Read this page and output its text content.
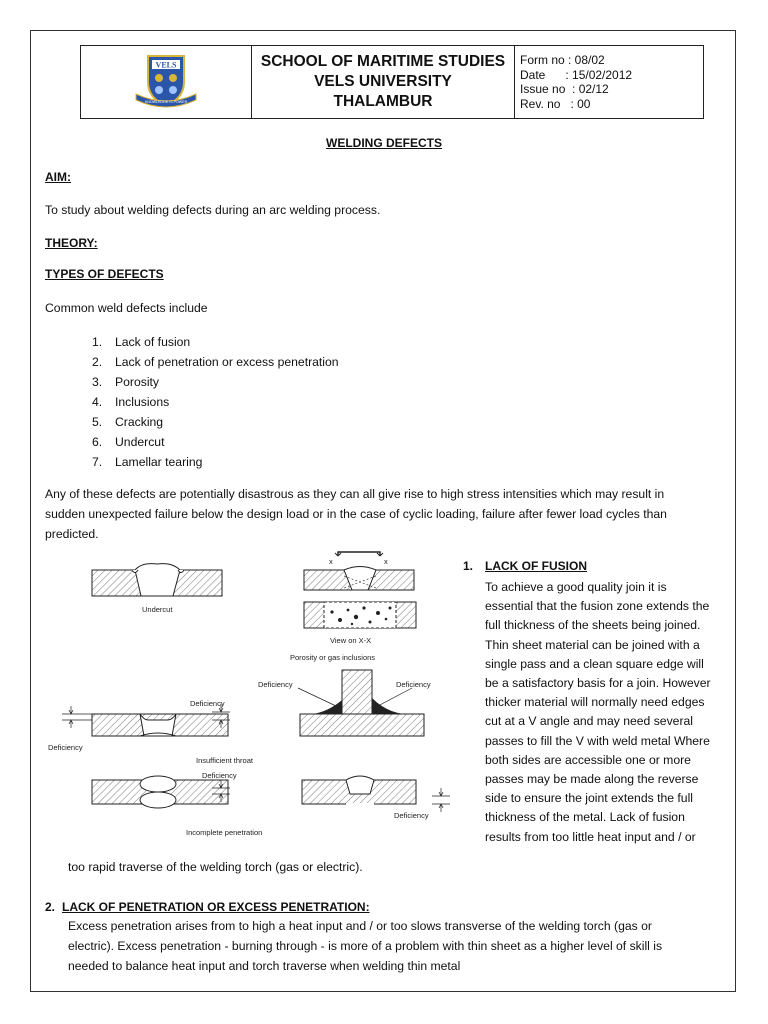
VELS
KNOWLEDGE IS POWER

SCHOOL OF MARITIME STUDIES
VELS UNIVERSITY
THALAMBUR

Form no : 08/02
Date      : 15/02/2012
Issue no  : 02/12
Rev. no   : 00
WELDING DEFECTS
AIM:
To study about welding defects during an arc welding process.
THEORY:
TYPES OF DEFECTS
Common weld defects include
1. Lack of fusion
2. Lack of penetration or excess penetration
3. Porosity
4. Inclusions
5. Cracking
6. Undercut
7. Lamellar tearing
Any of these defects are potentially disastrous as they can all give rise to high stress intensities which may result in
sudden unexpected failure below the design load or in the case of cyclic loading, failure after fewer load cycles than
predicted.
Undercut
x	x
View on X-X
Porosity or gas inclusions
Deficiency
Deficiency
Insufficient throat
Deficiency	Deficiency
Deficiency
Deficiency
Incomplete penetration
1. LACK OF FUSION
To achieve a good quality join it is
essential that the fusion zone extends the
full thickness of the sheets being joined.
Thin sheet material can be joined with a
single pass and a clean square edge will
be a satisfactory basis for a join. However
thicker material will normally need edges
cut at a V angle and may need several
passes to fill the V with weld metal Where
both sides are accessible one or more
passes may be made along the reverse
side to ensure the joint extends the full
thickness of the metal. Lack of fusion
results from too little heat input and / or
too rapid traverse of the welding torch (gas or electric).
2. LACK OF PENETRATION OR EXCESS PENETRATION:
Excess penetration arises from to high a heat input and / or too slows transverse of the welding torch (gas or
electric). Excess penetration - burning through - is more of a problem with thin sheet as a higher level of skill is
needed to balance heat input and torch traverse when welding thin metal
